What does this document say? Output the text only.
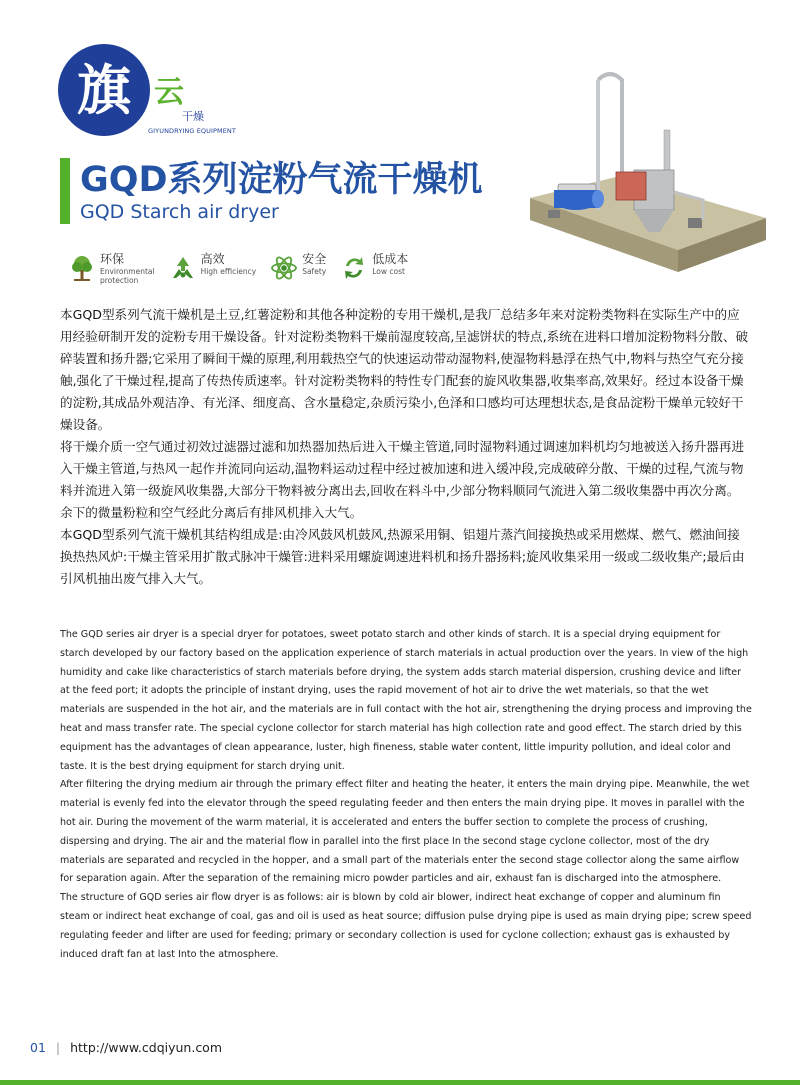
旗 云
干燥
GIYUNDRYING EQUIPMENT
GQD系列淀粉气流干燥机
GQD Starch air dryer
环保
Environmental
protection
高效
High efficiency
安全
Safety
低成本
Low cost

本GQD型系列气流干燥机是土豆,红薯淀粉和其他各种淀粉的专用干燥机,是我厂总结多年来对淀粉类物料在实际生产中的应用经验研制开发的淀粉专用干燥设备。针对淀粉类物料干燥前湿度较高,呈滤饼状的特点,系统在进料口增加淀粉物料分散、破碎装置和扬升器;它采用了瞬间干燥的原理,利用载热空气的快速运动带动湿物料,使湿物料悬浮在热气中,物料与热空气充分接触,强化了干燥过程,提高了传热传质速率。针对淀粉类物料的特性专门配套的旋风收集器,收集率高,效果好。经过本设备干燥的淀粉,其成品外观洁净、有光泽、细度高、含水量稳定,杂质污染小,色泽和口感均可达理想状态,是食品淀粉干燥单元较好干燥设备。

将干燥介质一空气通过初效过滤器过滤和加热器加热后进入干燥主管道,同时湿物料通过调速加料机均匀地被送入扬升器再进入干燥主管道,与热风一起作并流同向运动,温物料运动过程中经过被加速和进入缓冲段,完成破碎分散、干燥的过程,气流与物料并流进入第一级旋风收集器,大部分干物料被分离出去,回收在料斗中,少部分物料顺同气流进入第二级收集器中再次分离。余下的微量粉粒和空气经此分离后有排风机排入大气。

本GQD型系列气流干燥机其结构组成是:由冷风鼓风机鼓风,热源采用铜、铝翅片蒸汽间接换热或采用燃煤、燃气、燃油间接换热热风炉:干燥主管采用扩散式脉冲干燥管:进料采用螺旋调速进料机和扬升器扬料;旋风收集采用一级或二级收集产;最后由引风机抽出废气排入大气。

The GQD series air dryer is a special dryer for potatoes, sweet potato starch and other kinds of starch. It is a special drying equipment for starch developed by our factory based on the application experience of starch materials in actual production over the years. In view of the high humidity and cake like characteristics of starch materials before drying, the system adds starch material dispersion, crushing device and lifter at the feed port; it adopts the principle of instant drying, uses the rapid movement of hot air to drive the wet materials, so that the wet materials are suspended in the hot air, and the materials are in full contact with the hot air, strengthening the drying process and improving the heat and mass transfer rate. The special cyclone collector for starch material has high collection rate and good effect. The starch dried by this equipment has the advantages of clean appearance, luster, high fineness, stable water content, little impurity pollution, and ideal color and taste. It is the best drying equipment for starch drying unit.

After filtering the drying medium air through the primary effect filter and heating the heater, it enters the main drying pipe. Meanwhile, the wet material is evenly fed into the elevator through the speed regulating feeder and then enters the main drying pipe. It moves in parallel with the hot air. During the movement of the warm material, it is accelerated and enters the buffer section to complete the process of crushing, dispersing and drying. The air and the material flow in parallel into the first place In the second stage cyclone collector, most of the dry materials are separated and recycled in the hopper, and a small part of the materials enter the second stage collector along the same airflow for separation again. After the separation of the remaining micro powder particles and air, exhaust fan is discharged into the atmosphere.

The structure of GQD series air flow dryer is as follows: air is blown by cold air blower, indirect heat exchange of copper and aluminum fin steam or indirect heat exchange of coal, gas and oil is used as heat source; diffusion pulse drying pipe is used as main drying pipe; screw speed regulating feeder and lifter are used for feeding; primary or secondary collection is used for cyclone collection; exhaust gas is exhausted by induced draft fan at last Into the atmosphere.

01 | http://www.cdqiyun.com
